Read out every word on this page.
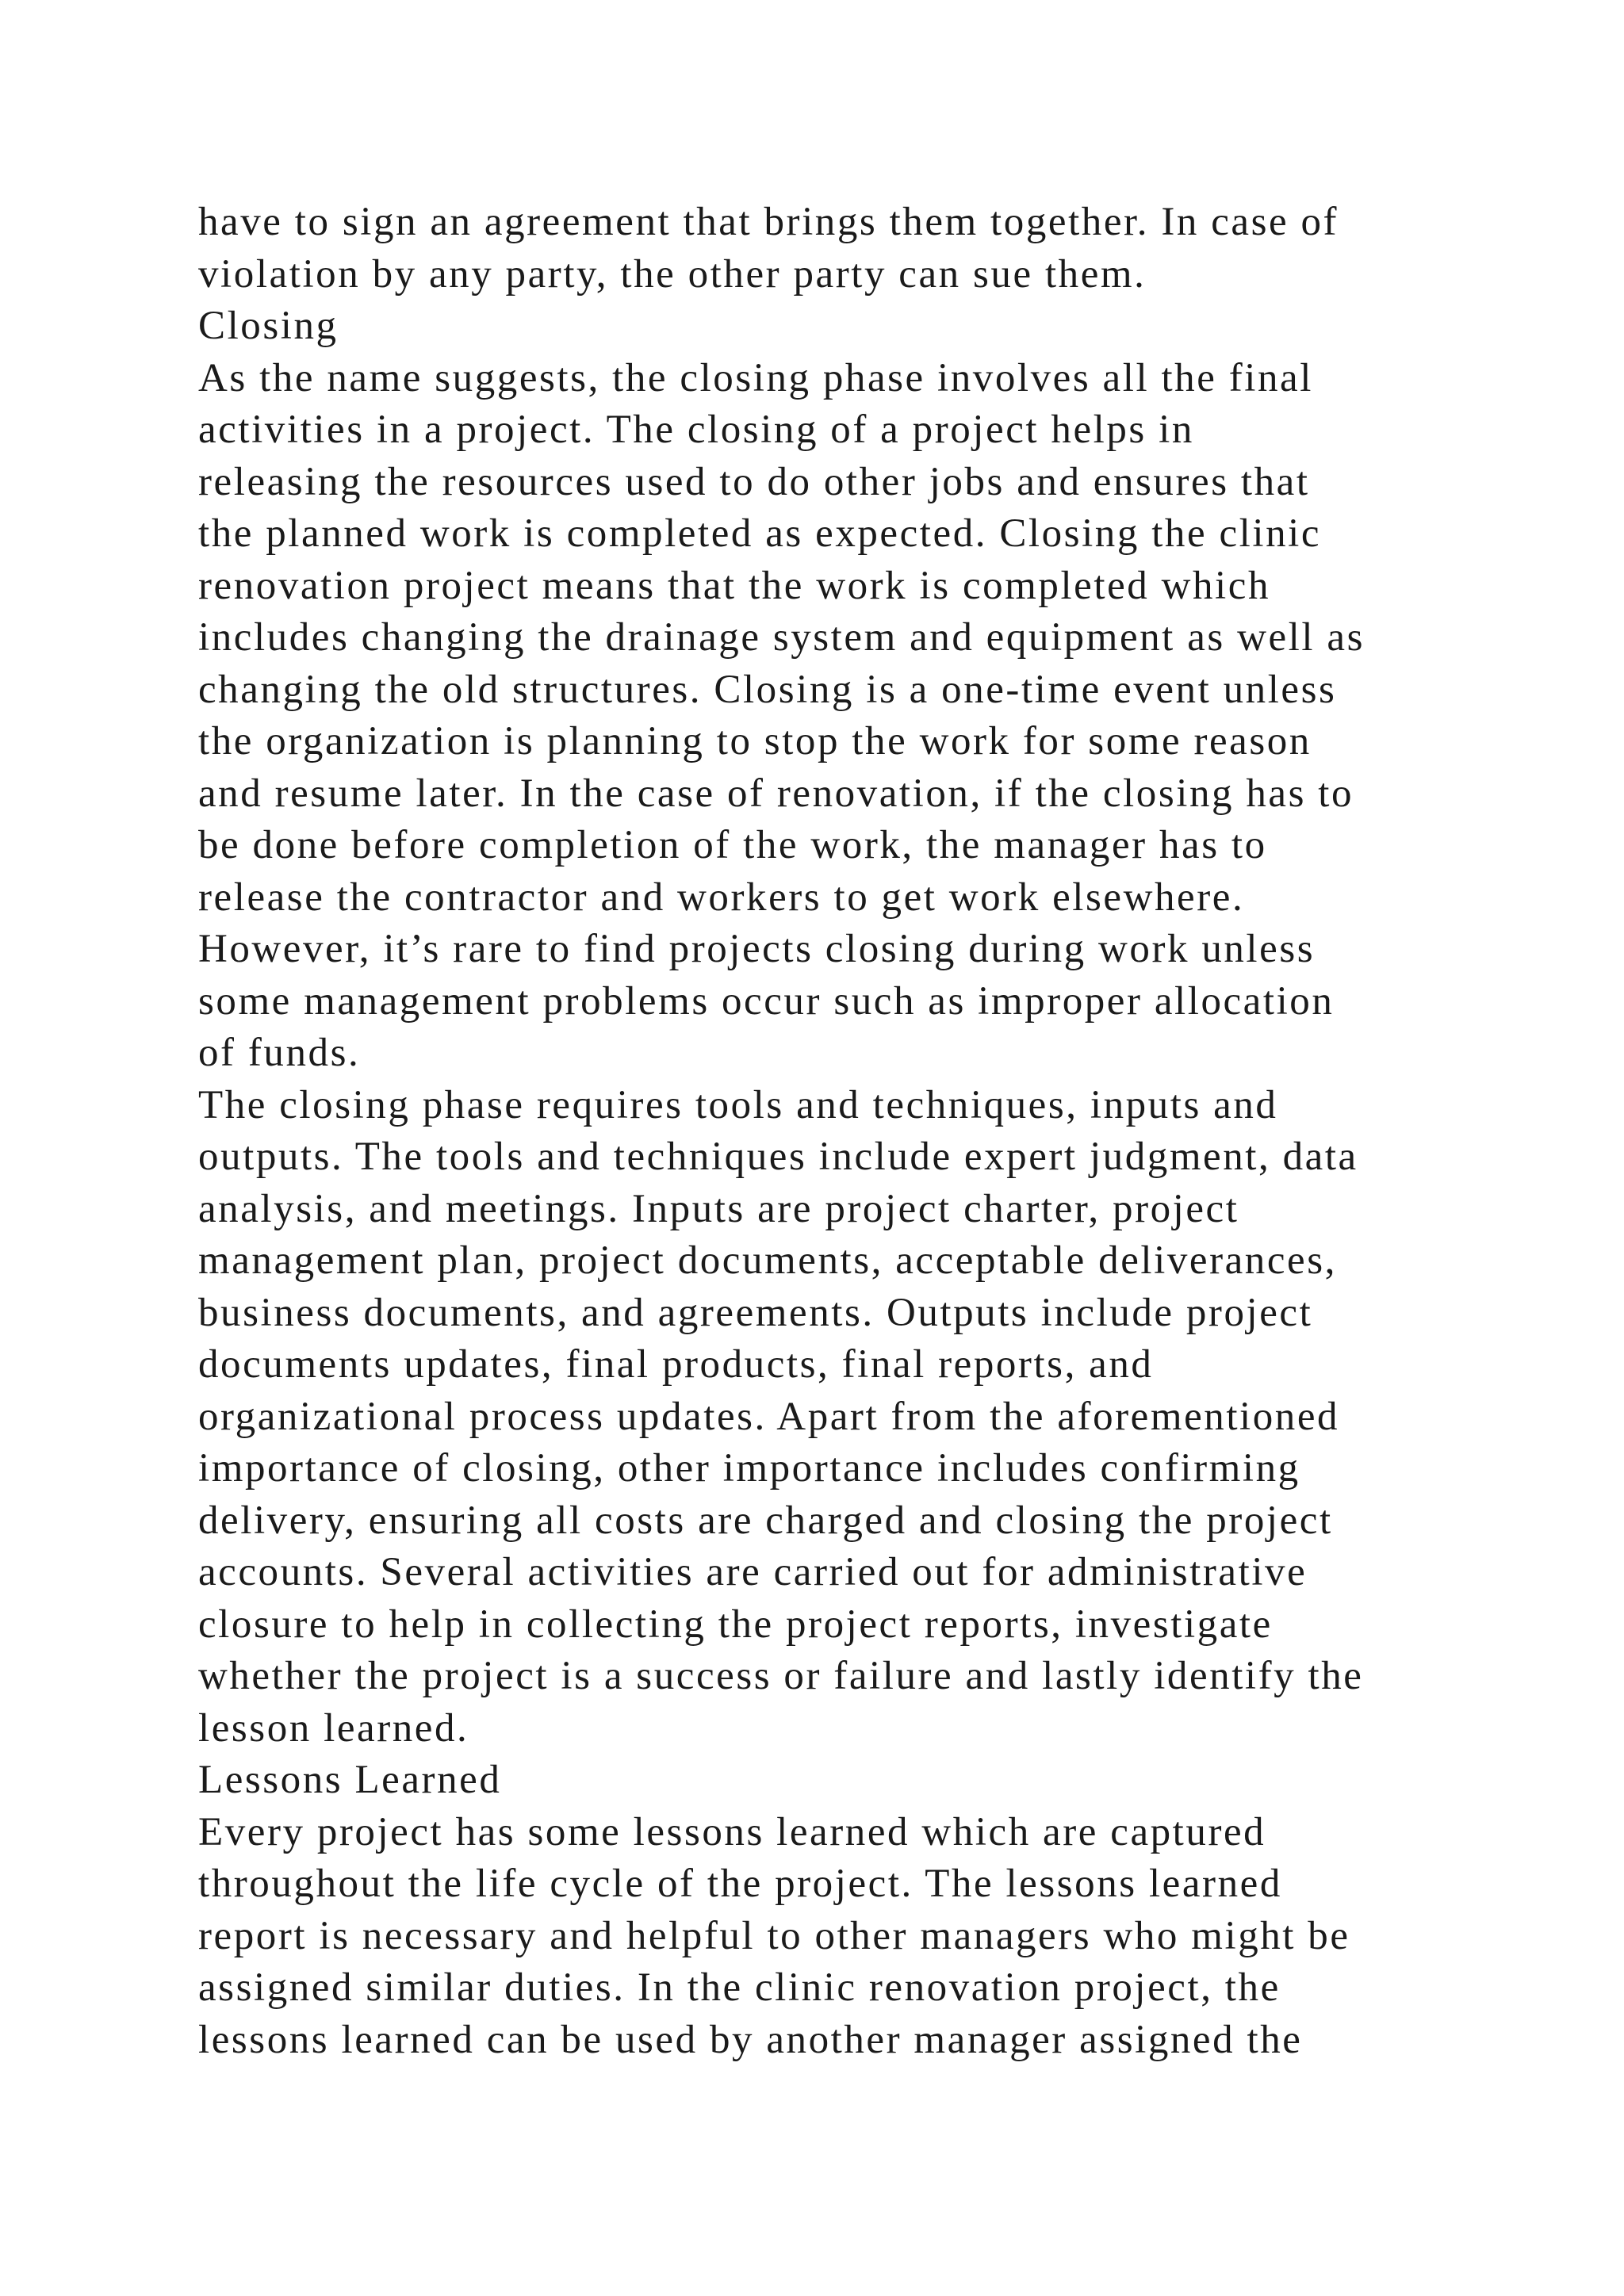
have to sign an agreement that brings them together. In case of
violation by any party, the other party can sue them.
Closing
As the name suggests, the closing phase involves all the final
activities in a project. The closing of a project helps in
releasing the resources used to do other jobs and ensures that
the planned work is completed as expected. Closing the clinic
renovation project means that the work is completed which
includes changing the drainage system and equipment as well as
changing the old structures. Closing is a one-time event unless
the organization is planning to stop the work for some reason
and resume later. In the case of renovation, if the closing has to
be done before completion of the work, the manager has to
release the contractor and workers to get work elsewhere.
However, it’s rare to find projects closing during work unless
some management problems occur such as improper allocation
of funds.
The closing phase requires tools and techniques, inputs and
outputs. The tools and techniques include expert judgment, data
analysis, and meetings. Inputs are project charter, project
management plan, project documents, acceptable deliverances,
business documents, and agreements. Outputs include project
documents updates, final products, final reports, and
organizational process updates. Apart from the aforementioned
importance of closing, other importance includes confirming
delivery, ensuring all costs are charged and closing the project
accounts. Several activities are carried out for administrative
closure to help in collecting the project reports, investigate
whether the project is a success or failure and lastly identify the
lesson learned.
Lessons Learned
Every project has some lessons learned which are captured
throughout the life cycle of the project. The lessons learned
report is necessary and helpful to other managers who might be
assigned similar duties. In the clinic renovation project, the
lessons learned can be used by another manager assigned the
